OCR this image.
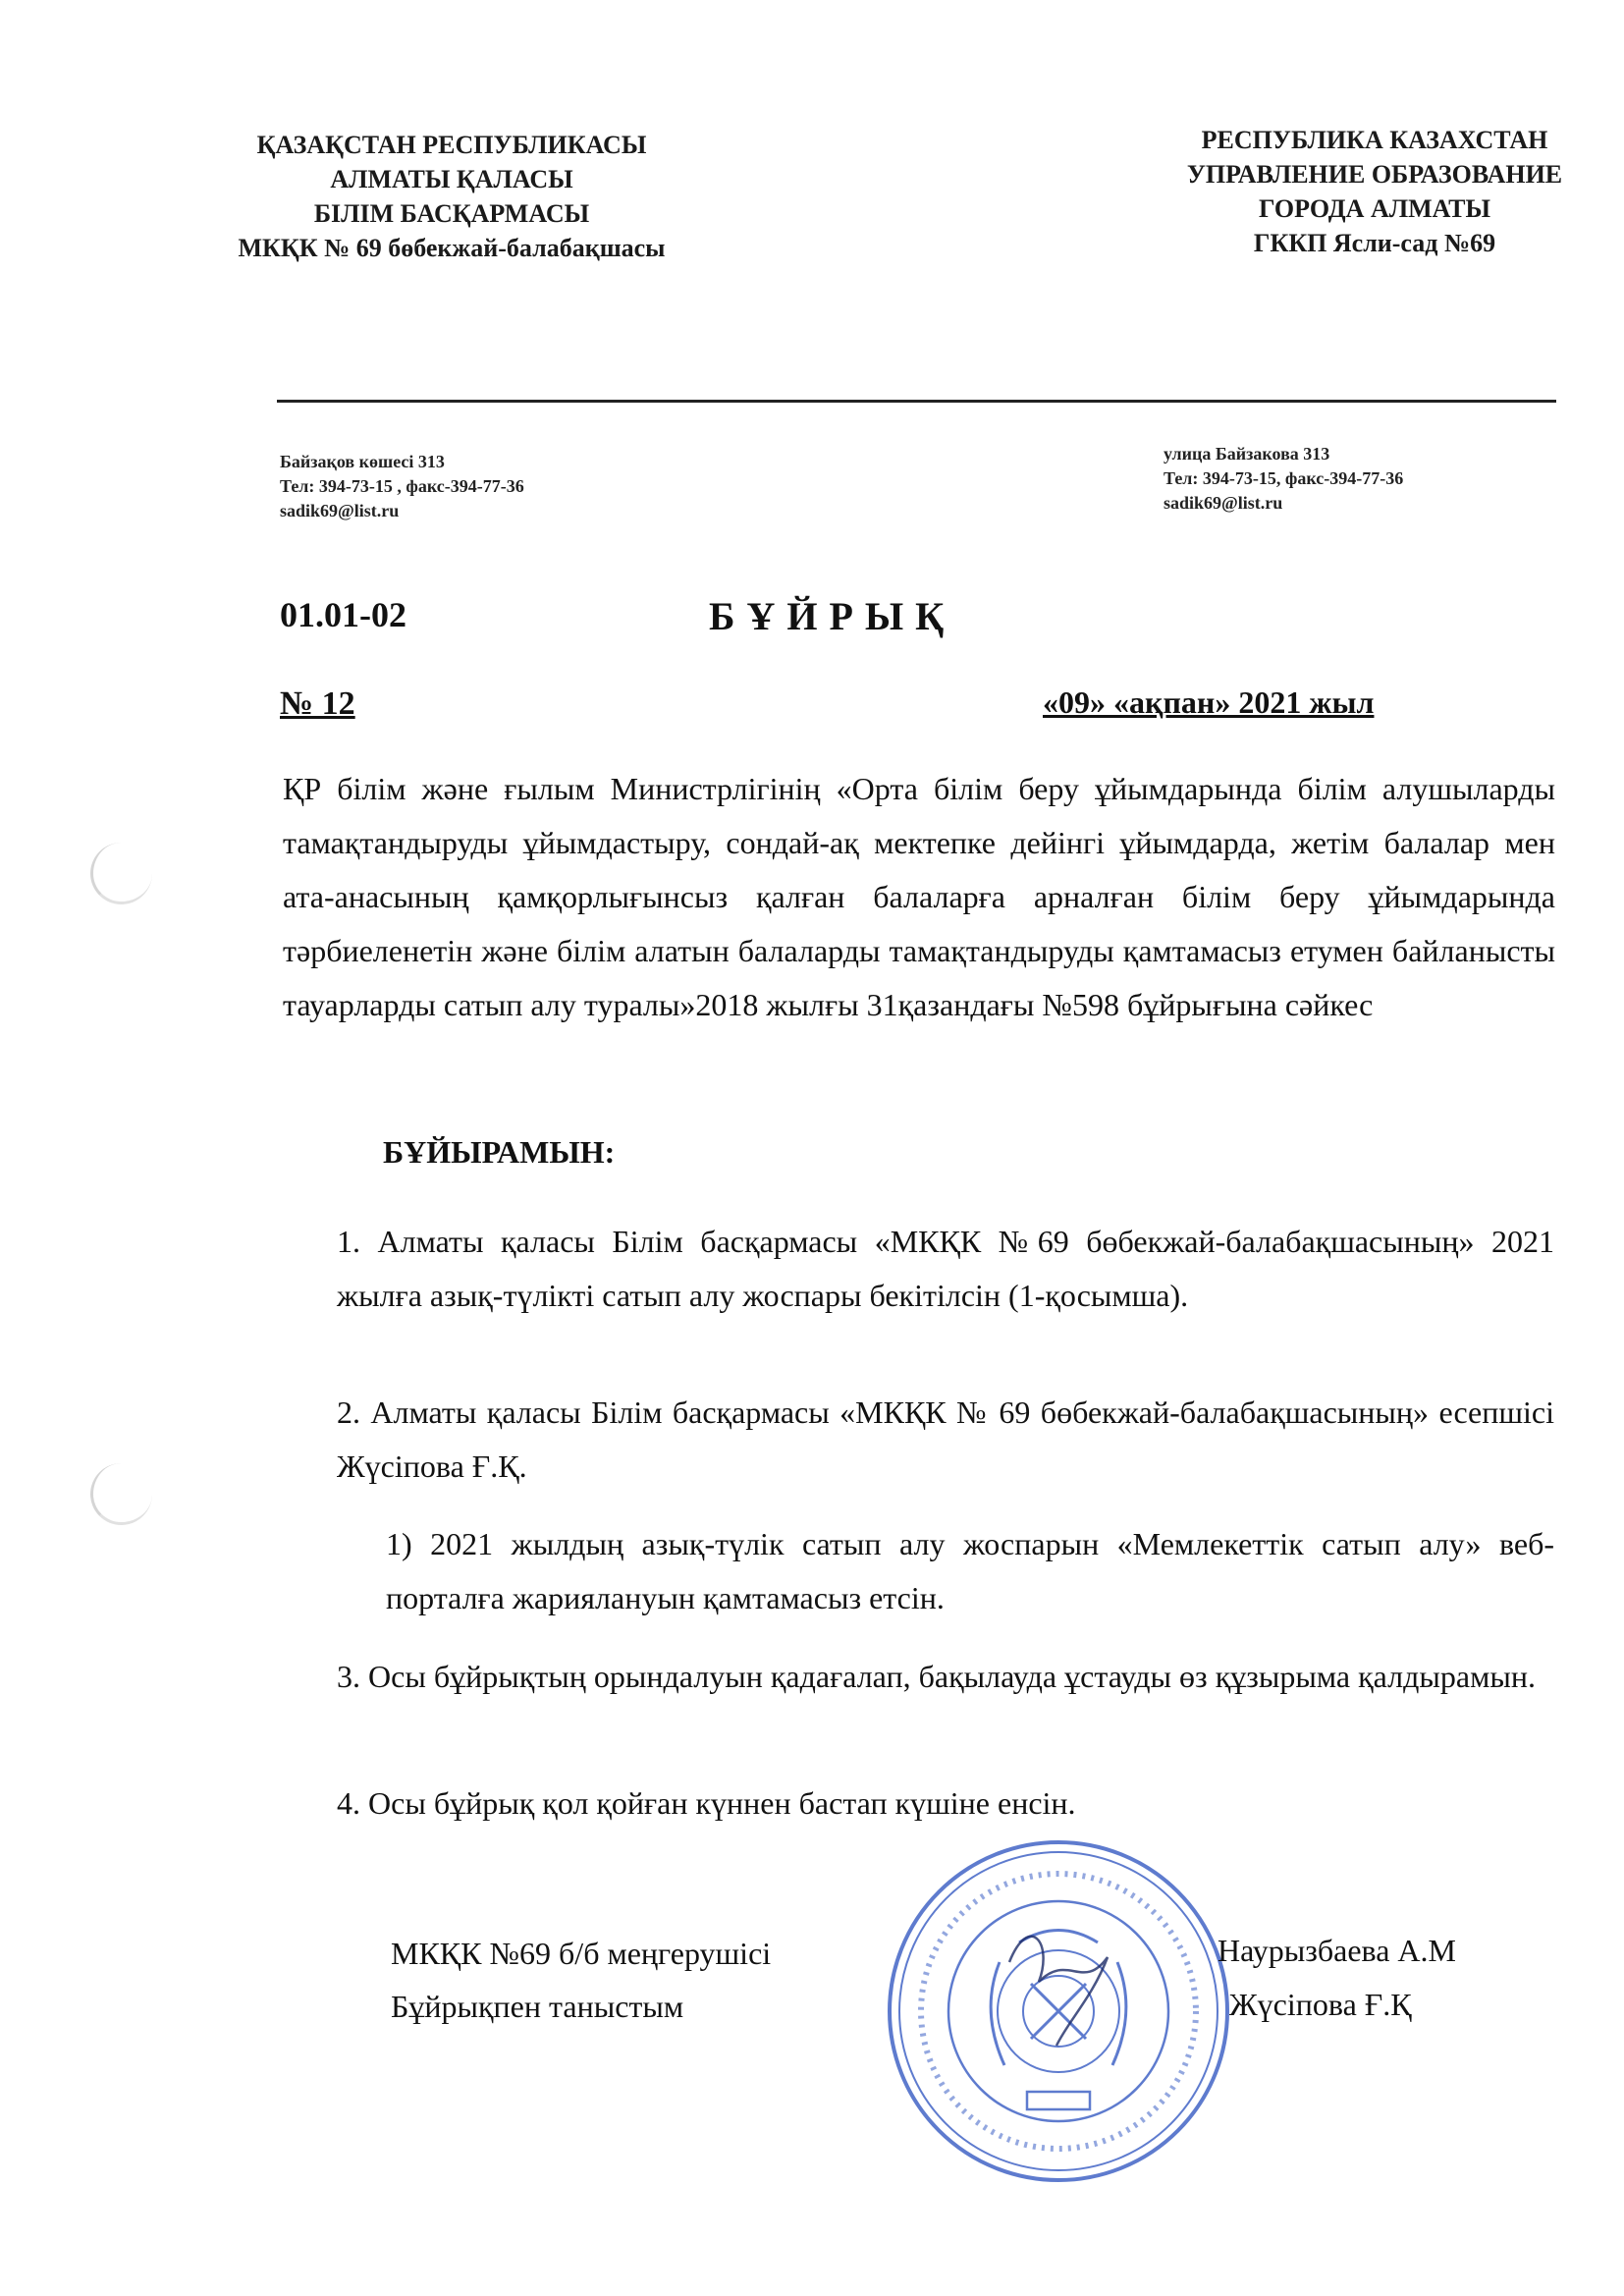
ҚАЗАҚСТАН РЕСПУБЛИКАСЫ
АЛМАТЫ ҚАЛАСЫ
БІЛІМ БАСҚАРМАСЫ
МКҚК № 69 бөбекжай-балабақшасы
РЕСПУБЛИКА КАЗАХСТАН
УПРАВЛЕНИЕ ОБРАЗОВАНИЕ
ГОРОДА АЛМАТЫ
ГККП Ясли-сад №69
Байзақов көшесі 313
Тел: 394-73-15 , факс-394-77-36
sadik69@list.ru
улица Байзакова 313
Тел: 394-73-15, факс-394-77-36
sadik69@list.ru
01.01-02	БҰЙРЫҚ
№ 12	«09» «ақпан» 2021 жыл
ҚР білім және ғылым Министрлігінің «Орта білім беру ұйымдарында білім алушыларды тамақтандыруды ұйымдастыру, сондай-ақ мектепке дейінгі ұйымдарда, жетім балалар мен ата-анасының қамқорлығынсыз қалған балаларға арналған білім беру ұйымдарында тәрбиеленетін және білім алатын балаларды тамақтандыруды қамтамасыз етумен байланысты тауарларды сатып алу туралы»2018 жылғы 31қазандағы №598 бұйрығына сәйкес
БҰЙЫРАМЫН:
1. Алматы қаласы Білім басқармасы «МКҚК №69 бөбекжай-балабақшасының» 2021 жылға азық-түлікті сатып алу жоспары бекітілсін (1-қосымша).
2. Алматы қаласы Білім басқармасы «МКҚК № 69 бөбекжай-балабақшасының» есепшісі Жүсіпова Ғ.Қ.
1) 2021 жылдың азық-түлік сатып алу жоспарын «Мемлекеттік сатып алу» веб-порталға жариялануын қамтамасыз етсін.
3. Осы бұйрықтың орындалуын қадағалап, бақылауда ұстауды өз құзырыма қалдырамын.
4. Осы бұйрық қол қойған күннен бастап күшіне енсін.
МКҚК №69 б/б меңгерушісі
Бұйрықпен таныстым
Наурызбаева А.М
Жүсіпова Ғ.Қ
